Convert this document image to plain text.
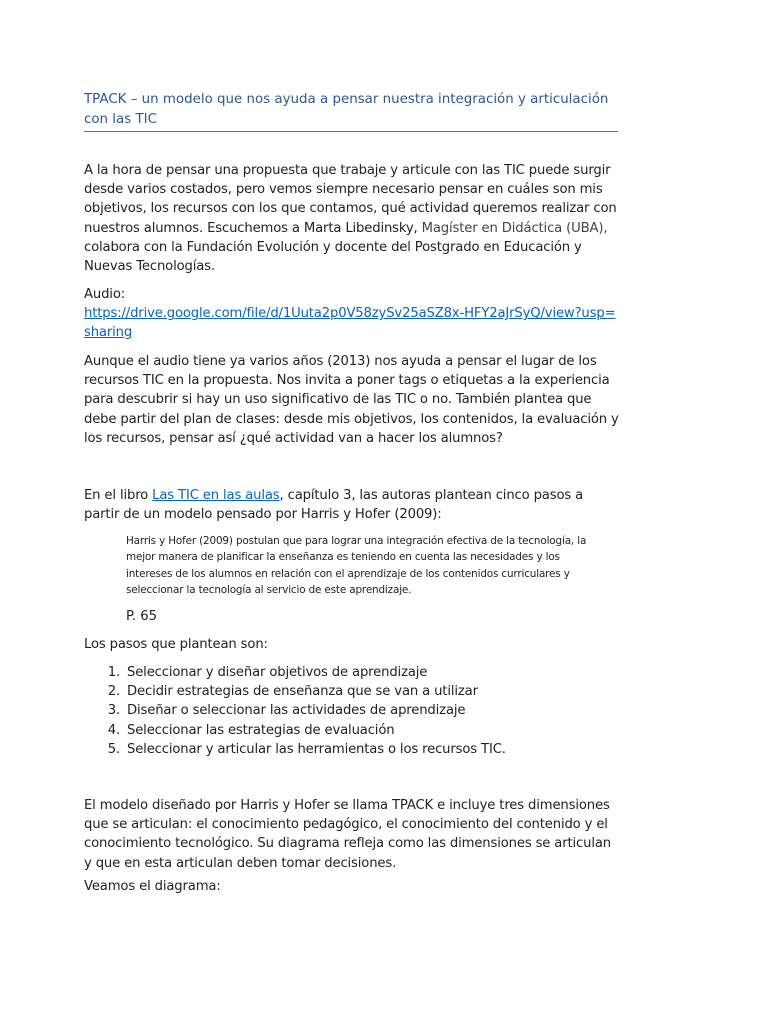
TPACK – un modelo que nos ayuda a pensar nuestra integración y articulación con las TIC

A la hora de pensar una propuesta que trabaje y articule con las TIC puede surgir desde varios costados, pero vemos siempre necesario pensar en cuáles son mis objetivos, los recursos con los que contamos, qué actividad queremos realizar con nuestros alumnos. Escuchemos a Marta Libedinsky, Magíster en Didáctica (UBA), colabora con la Fundación Evolución y docente del Postgrado en Educación y Nuevas Tecnologías.

Audio:
https://drive.google.com/file/d/1Uuta2p0V58zySv25aSZ8x-HFY2aJrSyQ/view?usp=sharing

Aunque el audio tiene ya varios años (2013) nos ayuda a pensar el lugar de los recursos TIC en la propuesta. Nos invita a poner tags o etiquetas a la experiencia para descubrir si hay un uso significativo de las TIC o no. También plantea que debe partir del plan de clases: desde mis objetivos, los contenidos, la evaluación y los recursos, pensar así ¿qué actividad van a hacer los alumnos?

En el libro Las TIC en las aulas, capítulo 3, las autoras plantean cinco pasos a partir de un modelo pensado por Harris y Hofer (2009):

Harris y Hofer (2009) postulan que para lograr una integración efectiva de la tecnología, la mejor manera de planificar la enseñanza es teniendo en cuenta las necesidades y los intereses de los alumnos en relación con el aprendizaje de los contenidos curriculares y seleccionar la tecnología al servicio de este aprendizaje.

P. 65

Los pasos que plantean son:

1. Seleccionar y diseñar objetivos de aprendizaje
2. Decidir estrategias de enseñanza que se van a utilizar
3. Diseñar o seleccionar las actividades de aprendizaje
4. Seleccionar las estrategias de evaluación
5. Seleccionar y articular las herramientas o los recursos TIC.

El modelo diseñado por Harris y Hofer se llama TPACK e incluye tres dimensiones que se articulan: el conocimiento pedagógico, el conocimiento del contenido y el conocimiento tecnológico. Su diagrama refleja como las dimensiones se articulan y que en esta articulan deben tomar decisiones.

Veamos el diagrama:
